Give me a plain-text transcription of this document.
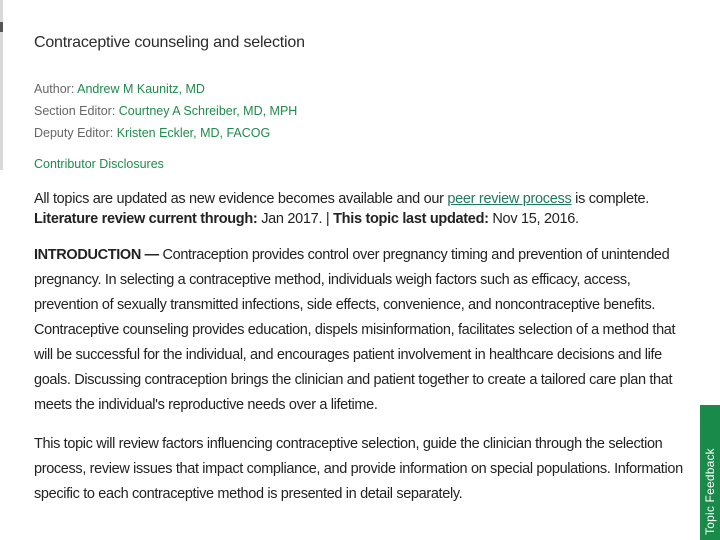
Contraceptive counseling and selection
Author: Andrew M Kaunitz, MD
Section Editor: Courtney A Schreiber, MD, MPH
Deputy Editor: Kristen Eckler, MD, FACOG
Contributor Disclosures
All topics are updated as new evidence becomes available and our peer review process is complete.
Literature review current through: Jan 2017. | This topic last updated: Nov 15, 2016.

INTRODUCTION — Contraception provides control over pregnancy timing and prevention of unintended pregnancy. In selecting a contraceptive method, individuals weigh factors such as efficacy, access, prevention of sexually transmitted infections, side effects, convenience, and noncontraceptive benefits. Contraceptive counseling provides education, dispels misinformation, facilitates selection of a method that will be successful for the individual, and encourages patient involvement in healthcare decisions and life goals. Discussing contraception brings the clinician and patient together to create a tailored care plan that meets the individual's reproductive needs over a lifetime.

This topic will review factors influencing contraceptive selection, guide the clinician through the selection process, review issues that impact compliance, and provide information on special populations. Information specific to each contraceptive method is presented in detail separately.	Topic Feedback
